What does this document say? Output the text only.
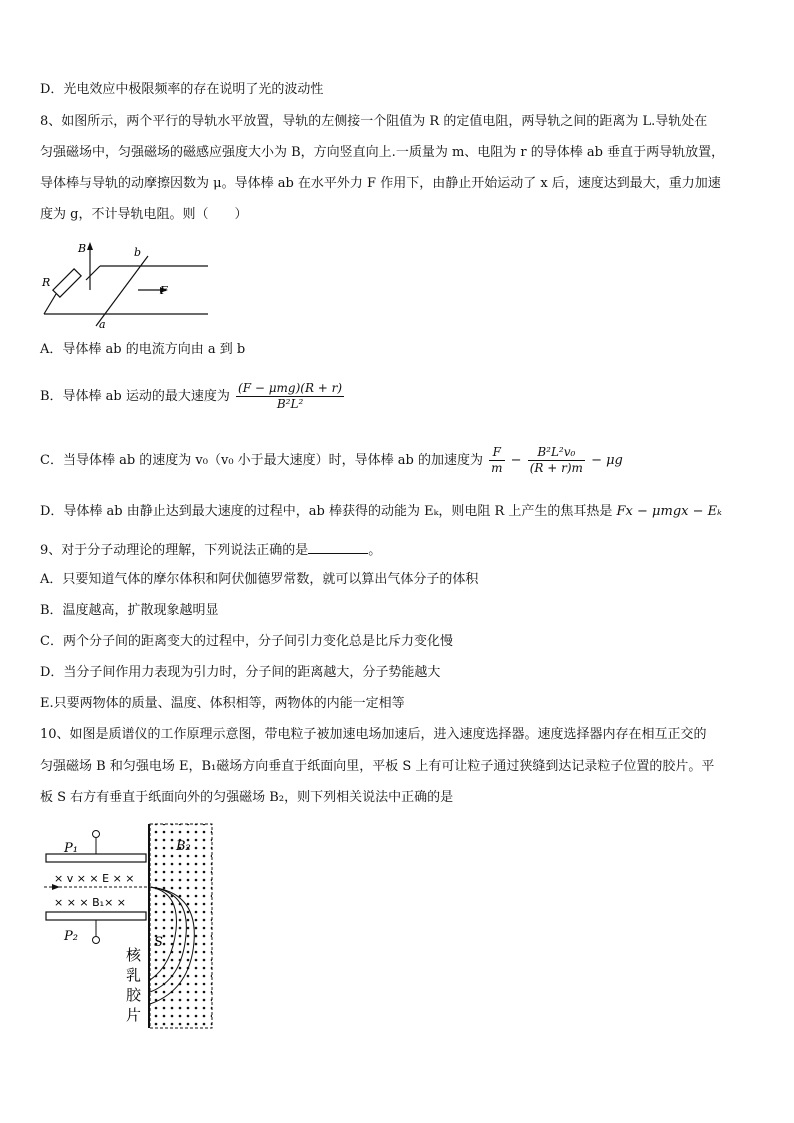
D．光电效应中极限频率的存在说明了光的波动性
8、如图所示，两个平行的导轨水平放置，导轨的左侧接一个阻值为 R 的定值电阻，两导轨之间的距离为 L.导轨处在
匀强磁场中，匀强磁场的磁感应强度大小为 B，方向竖直向上.一质量为 m、电阻为 r 的导体棒 ab 垂直于两导轨放置，
导体棒与导轨的动摩擦因数为 μ。导体棒 ab 在水平外力 F 作用下，由静止开始运动了 x 后，速度达到最大，重力加速
度为 g，不计导轨电阻。则（　　）
B	b
R
F
a
A．导体棒 ab 的电流方向由 a 到 b
B．导体棒 ab 运动的最大速度为 $\frac{\text{(F − μmg)(R + r)}}{\text{B²L²}}$
C．当导体棒 ab 的速度为 v₀（v₀ 小于最大速度）时，导体棒 ab 的加速度为 $\frac{F}{m} - \frac{\text{B²L²v₀}}{(R + r)m} - \mu g$
D．导体棒 ab 由静止达到最大速度的过程中，ab 棒获得的动能为 Eₖ，则电阻 R 上产生的焦耳热是 Fx − μmgx − Eₖ
9、对于分子动理论的理解，下列说法正确的是	。
A．只要知道气体的摩尔体积和阿伏伽德罗常数，就可以算出气体分子的体积
B．温度越高，扩散现象越明显
C．两个分子间的距离变大的过程中，分子间引力变化总是比斥力变化慢
D．当分子间作用力表现为引力时，分子间的距离越大，分子势能越大
E.只要两物体的质量、温度、体积相等，两物体的内能一定相等
10、如图是质谱仪的工作原理示意图，带电粒子被加速电场加速后，进入速度选择器。速度选择器内存在相互正交的
匀强磁场 B 和匀强电场 E，B₁磁场方向垂直于纸面向里，平板 S 上有可让粒子通过狭缝到达记录粒子位置的胶片。平
板 S 右方有垂直于纸面向外的匀强磁场 B₂，则下列相关说法中正确的是
P₁
P₂
B₂
× v × × E × ×
× × × B₁× ×
S
核
乳
胶
片
